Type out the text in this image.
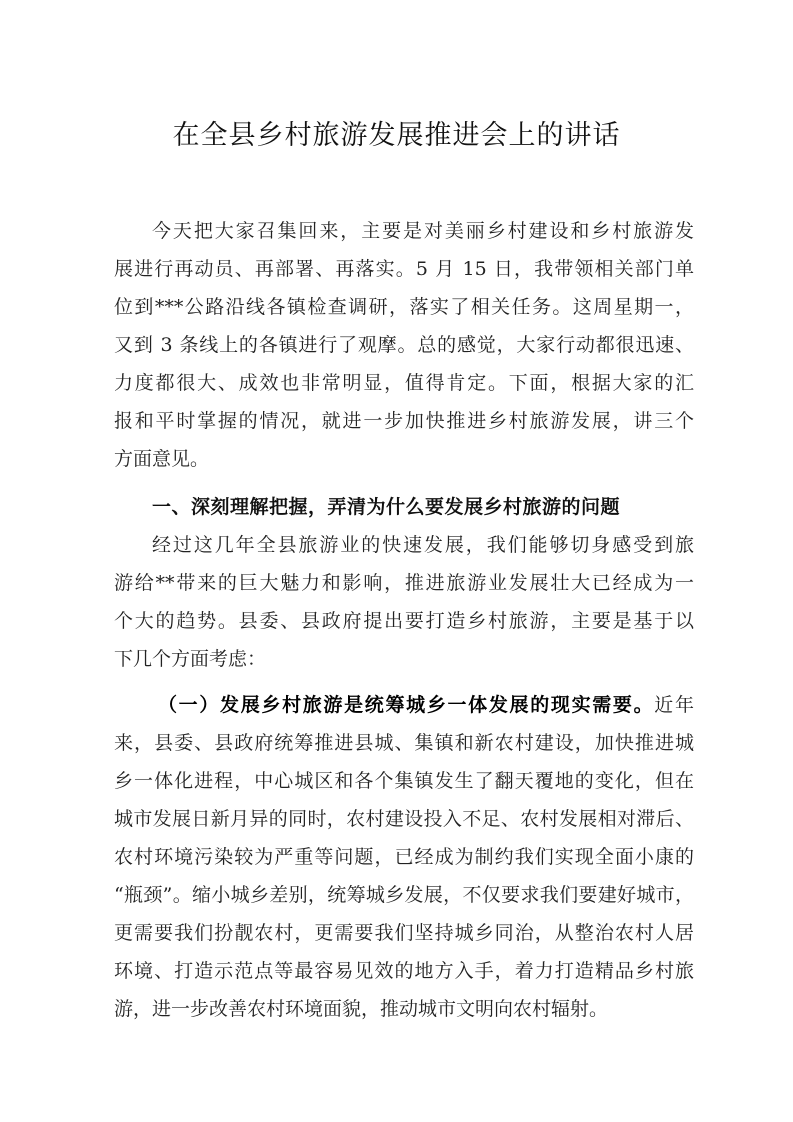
在全县乡村旅游发展推进会上的讲话
今天把大家召集回来，主要是对美丽乡村建设和乡村旅游发
展进行再动员、再部署、再落实。5 月 15 日，我带领相关部门单
位到***公路沿线各镇检查调研，落实了相关任务。这周星期一，
又到 3 条线上的各镇进行了观摩。总的感觉，大家行动都很迅速、
力度都很大、成效也非常明显，值得肯定。下面，根据大家的汇
报和平时掌握的情况，就进一步加快推进乡村旅游发展，讲三个
方面意见。
一、深刻理解把握，弄清为什么要发展乡村旅游的问题
经过这几年全县旅游业的快速发展，我们能够切身感受到旅
游给**带来的巨大魅力和影响，推进旅游业发展壮大已经成为一
个大的趋势。县委、县政府提出要打造乡村旅游，主要是基于以
下几个方面考虑：
（一）发展乡村旅游是统筹城乡一体发展的现实需要。近年
来，县委、县政府统筹推进县城、集镇和新农村建设，加快推进城
乡一体化进程，中心城区和各个集镇发生了翻天覆地的变化，但在
城市发展日新月异的同时，农村建设投入不足、农村发展相对滞后、
农村环境污染较为严重等问题，已经成为制约我们实现全面小康的
“瓶颈”。缩小城乡差别，统筹城乡发展，不仅要求我们要建好城市，
更需要我们扮靓农村，更需要我们坚持城乡同治，从整治农村人居
环境、打造示范点等最容易见效的地方入手，着力打造精品乡村旅
游，进一步改善农村环境面貌，推动城市文明向农村辐射。
